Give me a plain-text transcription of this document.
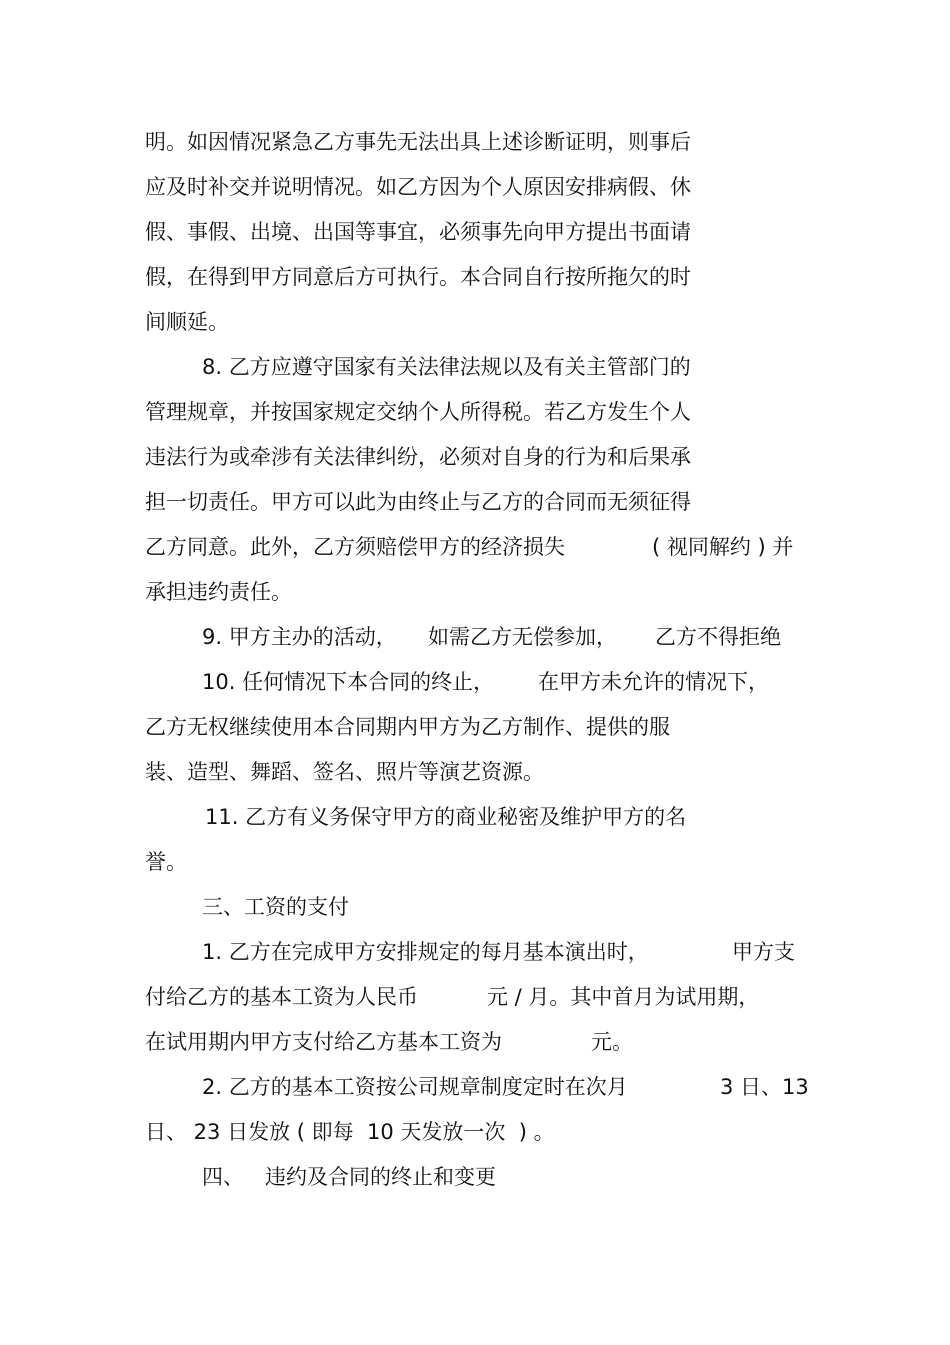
明。如因情况紧急乙方事先无法出具上述诊断证明，则事后

应及时补交并说明情况。如乙方因为个人原因安排病假、休

假、事假、出境、出国等事宜，必须事先向甲方提出书面请

假，在得到甲方同意后方可执行。本合同自行按所拖欠的时

间顺延。

8. 乙方应遵守国家有关法律法规以及有关主管部门的

管理规章，并按国家规定交纳个人所得税。若乙方发生个人

违法行为或牵涉有关法律纠纷，必须对自身的行为和后果承

担一切责任。甲方可以此为由终止与乙方的合同而无须征得

乙方同意。此外，乙方须赔偿甲方的经济损失

	( 视同解约 ) 并

承担违约责任。

9. 甲方主办的活动，

如需乙方无偿参加，

乙方不得拒绝

10. 任何情况下本合同的终止，

在甲方未允许的情况下，

乙方无权继续使用本合同期内甲方为乙方制作、提供的服

装、造型、舞蹈、签名、照片等演艺资源。

11. 乙方有义务保守甲方的商业秘密及维护甲方的名

誉。

三、工资的支付

1. 乙方在完成甲方安排规定的每月基本演出时，

	甲方支

付给乙方的基本工资为人民币

	元 / 月。其中首月为试用期，

在试用期内甲方支付给乙方基本工资为

	元。

2. 乙方的基本工资按公司规章制度定时在次月

	3 日、13

日、 23 日发放 ( 即每  10 天发放一次  ) 。

四、

违约及合同的终止和变更
